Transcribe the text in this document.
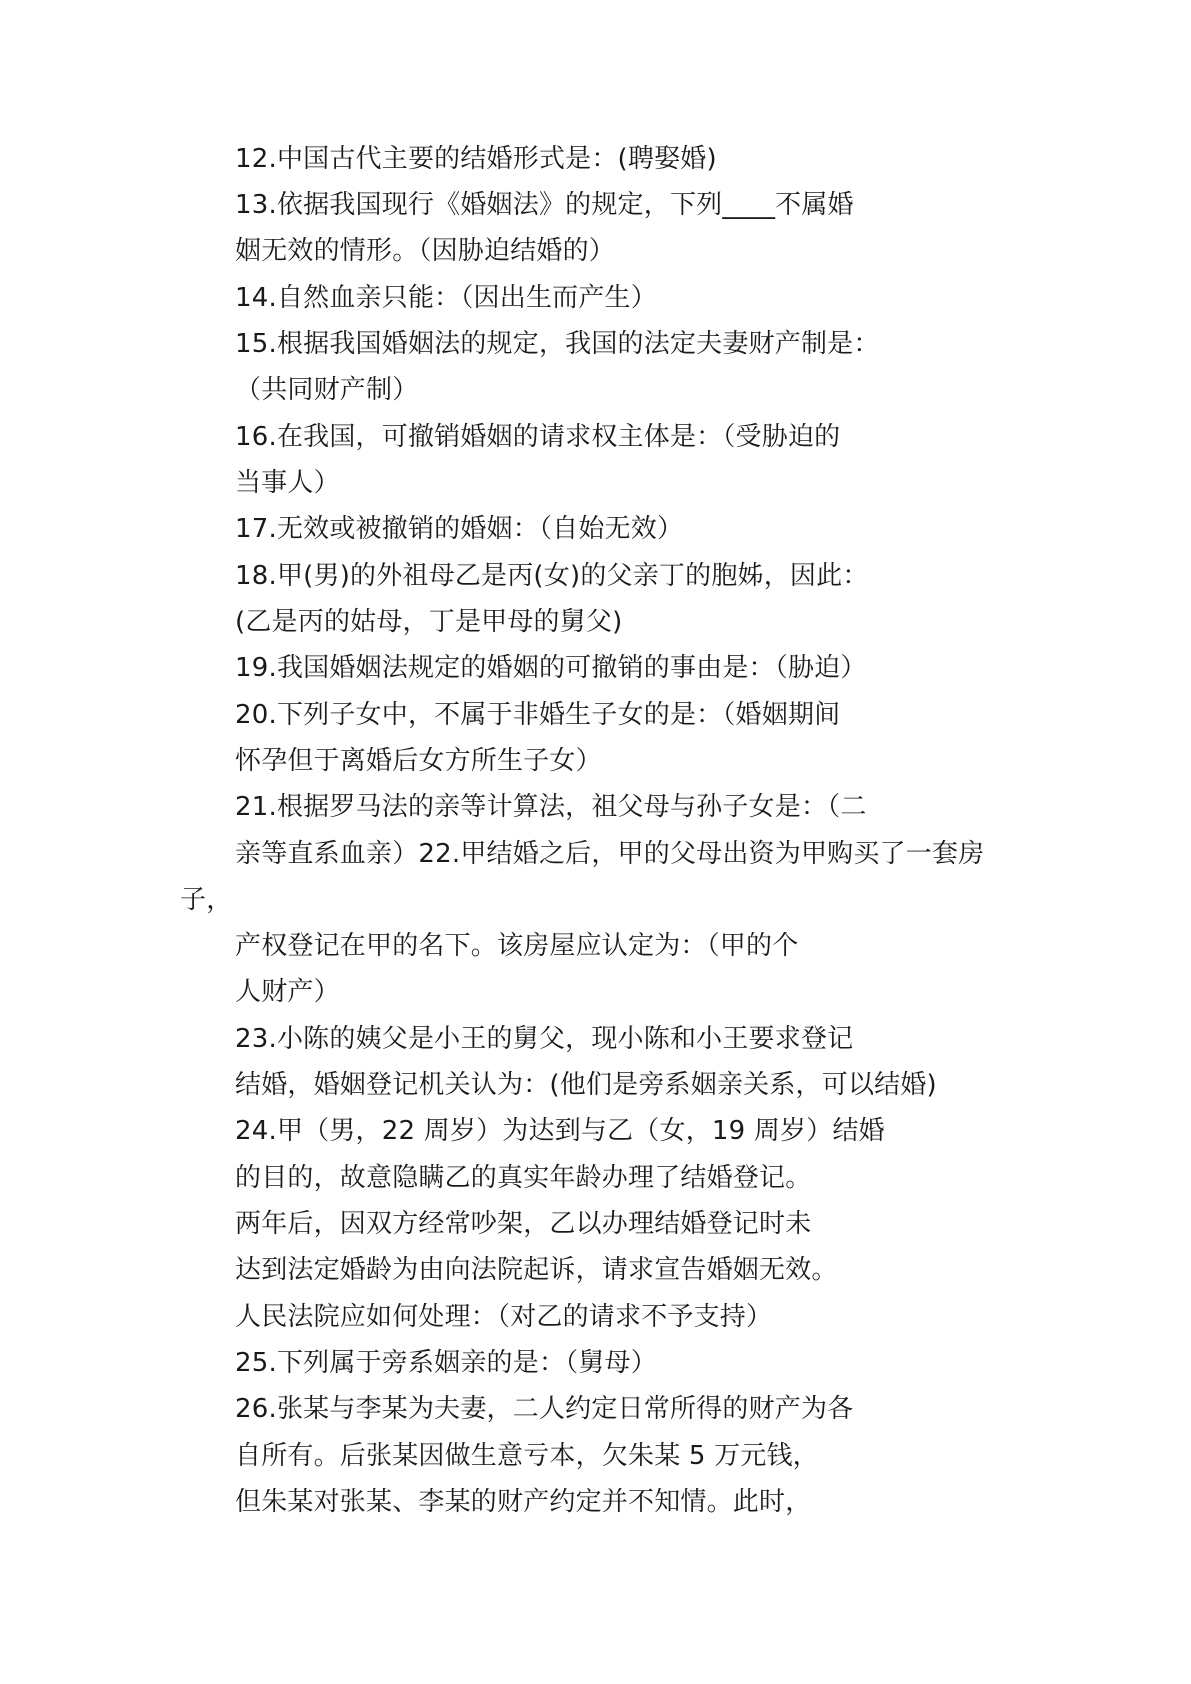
12.中国古代主要的结婚形式是：(聘娶婚)
13.依据我国现行《婚姻法》的规定，下列____不属婚
姻无效的情形。（因胁迫结婚的）
14.自然血亲只能：（因出生而产生）
15.根据我国婚姻法的规定，我国的法定夫妻财产制是：
（共同财产制）
16.在我国，可撤销婚姻的请求权主体是：（受胁迫的
当事人）
17.无效或被撤销的婚姻：（自始无效）
18.甲(男)的外祖母乙是丙(女)的父亲丁的胞姊，因此：
(乙是丙的姑母，丁是甲母的舅父)
19.我国婚姻法规定的婚姻的可撤销的事由是：（胁迫）
20.下列子女中，不属于非婚生子女的是：（婚姻期间
怀孕但于离婚后女方所生子女）
21.根据罗马法的亲等计算法，祖父母与孙子女是：（二
亲等直系血亲）22.甲结婚之后，甲的父母出资为甲购买了一套房
子，
产权登记在甲的名下。该房屋应认定为：（甲的个
人财产）
23.小陈的姨父是小王的舅父，现小陈和小王要求登记
结婚，婚姻登记机关认为：(他们是旁系姻亲关系，可以结婚)
24.甲（男，22 周岁）为达到与乙（女，19 周岁）结婚
的目的，故意隐瞒乙的真实年龄办理了结婚登记。
两年后，因双方经常吵架，乙以办理结婚登记时未
达到法定婚龄为由向法院起诉，请求宣告婚姻无效。
人民法院应如何处理：（对乙的请求不予支持）
25.下列属于旁系姻亲的是：（舅母）
26.张某与李某为夫妻，二人约定日常所得的财产为各
自所有。后张某因做生意亏本，欠朱某 5 万元钱，
但朱某对张某、李某的财产约定并不知情。此时，
